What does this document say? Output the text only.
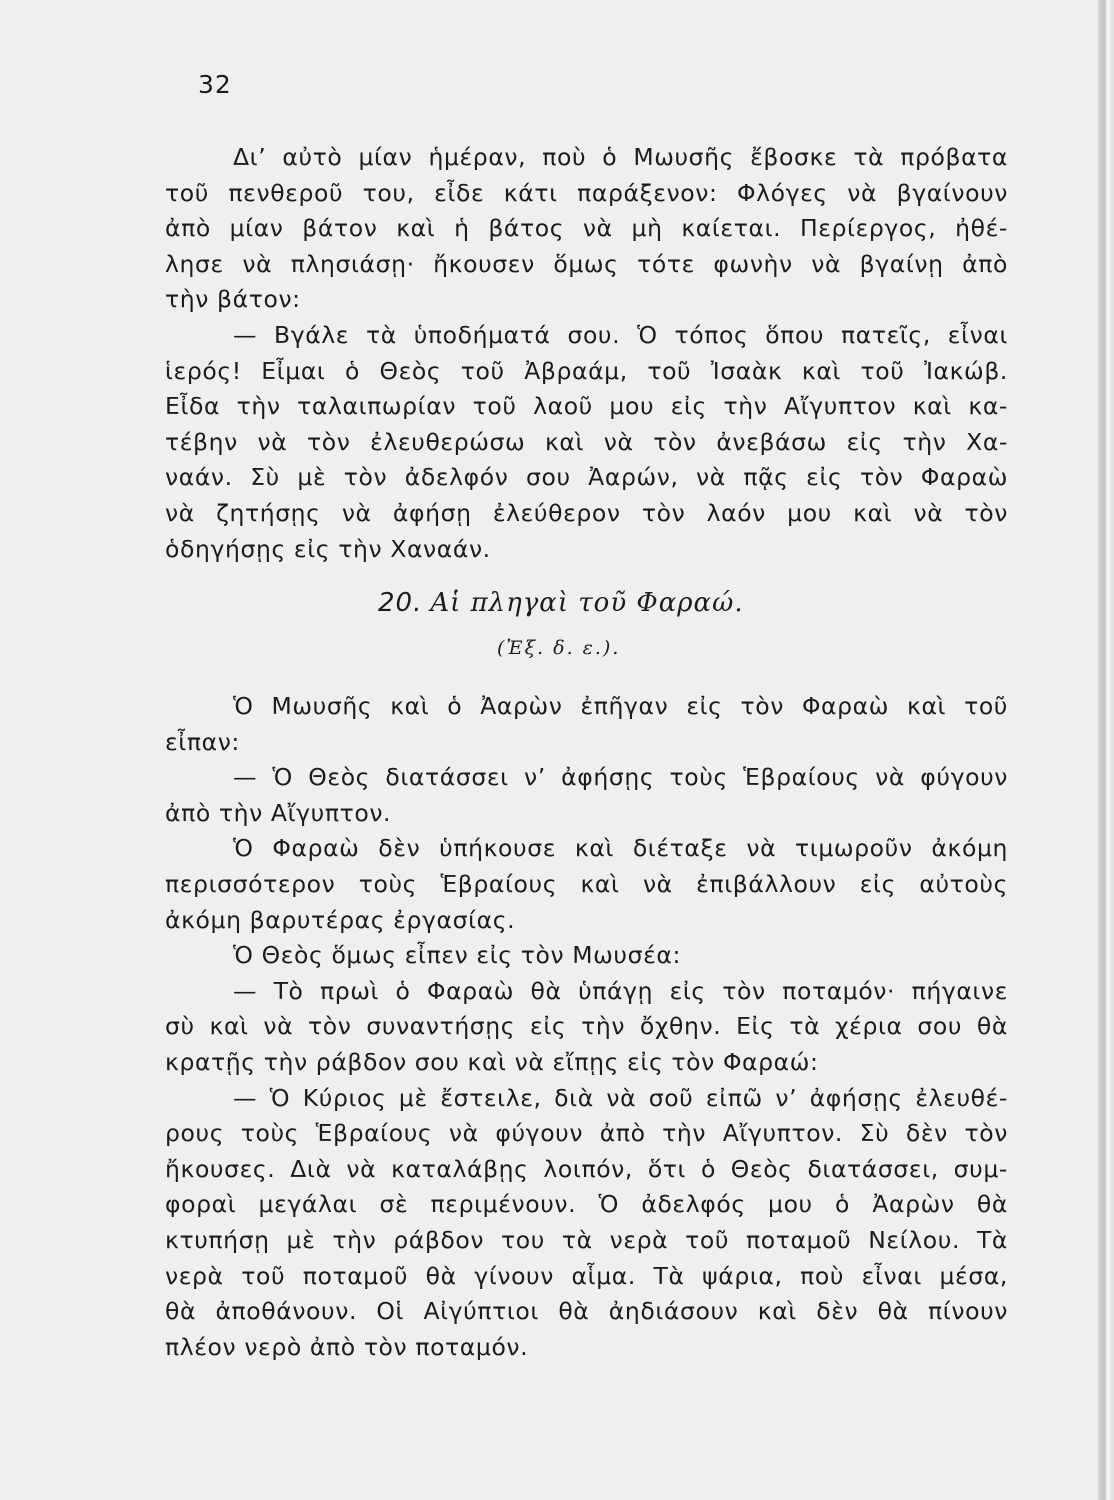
32
Δι’ αὐτὸ μίαν ἡμέραν, ποὺ ὁ Μωυσῆς ἔβοσκε τὰ πρόβατα
τοῦ πενθεροῦ του, εἶδε κάτι παράξενον: Φλόγες νὰ βγαίνουν
ἀπὸ μίαν βάτον καὶ ἡ βάτος νὰ μὴ καίεται. Περίεργος, ἠθέ-
λησε νὰ πλησιάσῃ· ἤκουσεν ὅμως τότε φωνὴν νὰ βγαίνῃ ἀπὸ
τὴν βάτον:
— Βγάλε τὰ ὑποδήματά σου. Ὁ τόπος ὅπου πατεῖς, εἶναι
ἱερός! Εἶμαι ὁ Θεὸς τοῦ Ἀβραάμ, τοῦ Ἰσαὰκ καὶ τοῦ Ἰακώβ.
Εἶδα τὴν ταλαιπωρίαν τοῦ λαοῦ μου εἰς τὴν Αἴγυπτον καὶ κα-
τέβην νὰ τὸν ἐλευθερώσω καὶ νὰ τὸν ἀνεβάσω εἰς τὴν Χα-
ναάν. Σὺ μὲ τὸν ἀδελφόν σου Ἀαρών, νὰ πᾷς εἰς τὸν Φαραὼ
νὰ ζητήσῃς νὰ ἀφήσῃ ἐλεύθερον τὸν λαόν μου καὶ νὰ τὸν
ὁδηγήσῃς εἰς τὴν Χαναάν.
20. Αἱ πληγαὶ τοῦ Φαραώ.
(Ἐξ. δ. ε.).
Ὁ Μωυσῆς καὶ ὁ Ἀαρὼν ἐπῆγαν εἰς τὸν Φαραὼ καὶ τοῦ
εἶπαν:
— Ὁ Θεὸς διατάσσει ν’ ἀφήσῃς τοὺς Ἑβραίους νὰ φύγουν
ἀπὸ τὴν Αἴγυπτον.
Ὁ Φαραὼ δὲν ὑπήκουσε καὶ διέταξε νὰ τιμωροῦν ἀκόμη
περισσότερον τοὺς Ἑβραίους καὶ νὰ ἐπιβάλλουν εἰς αὐτοὺς
ἀκόμη βαρυτέρας ἐργασίας.
Ὁ Θεὸς ὅμως εἶπεν εἰς τὸν Μωυσέα:
— Τὸ πρωὶ ὁ Φαραὼ θὰ ὑπάγῃ εἰς τὸν ποταμόν· πήγαινε
σὺ καὶ νὰ τὸν συναντήσῃς εἰς τὴν ὄχθην. Εἰς τὰ χέρια σου θὰ
κρατῇς τὴν ράβδον σου καὶ νὰ εἴπῃς εἰς τὸν Φαραώ:
— Ὁ Κύριος μὲ ἔστειλε, διὰ νὰ σοῦ εἰπῶ ν’ ἀφήσῃς ἐλευθέ-
ρους τοὺς Ἑβραίους νὰ φύγουν ἀπὸ τὴν Αἴγυπτον. Σὺ δὲν τὸν
ἤκουσες. Διὰ νὰ καταλάβῃς λοιπόν, ὅτι ὁ Θεὸς διατάσσει, συμ-
φοραὶ μεγάλαι σὲ περιμένουν. Ὁ ἀδελφός μου ὁ Ἀαρὼν θὰ
κτυπήσῃ μὲ τὴν ράβδον του τὰ νερὰ τοῦ ποταμοῦ Νείλου. Τὰ
νερὰ τοῦ ποταμοῦ θὰ γίνουν αἷμα. Τὰ ψάρια, ποὺ εἶναι μέσα,
θὰ ἀποθάνουν. Οἱ Αἰγύπτιοι θὰ ἀηδιάσουν καὶ δὲν θὰ πίνουν
πλέον νερὸ ἀπὸ τὸν ποταμόν.
